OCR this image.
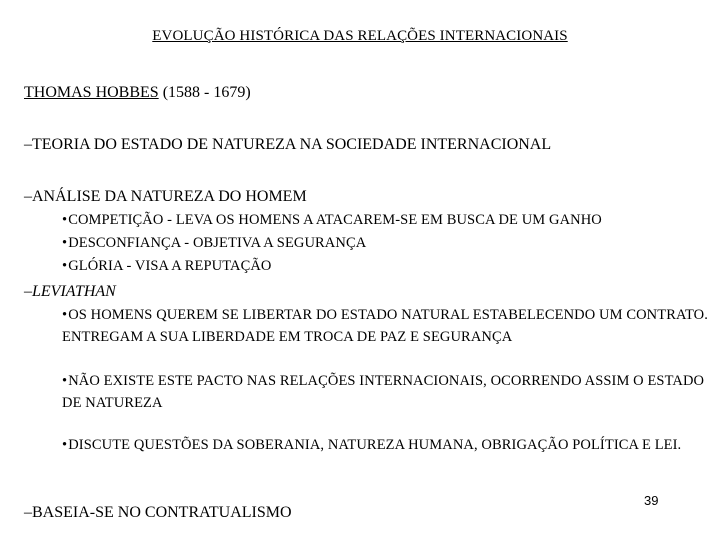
EVOLUÇÃO HISTÓRICA DAS RELAÇÕES INTERNACIONAIS
THOMAS HOBBES (1588 - 1679)
–TEORIA DO ESTADO DE NATUREZA NA SOCIEDADE INTERNACIONAL
–ANÁLISE DA NATUREZA DO HOMEM
•COMPETIÇÃO - LEVA OS HOMENS A ATACAREM-SE EM BUSCA DE UM GANHO
•DESCONFIANÇA - OBJETIVA A SEGURANÇA
•GLÓRIA - VISA A REPUTAÇÃO
–LEVIATHAN
•OS HOMENS QUEREM SE LIBERTAR DO ESTADO NATURAL ESTABELECENDO UM CONTRATO. ENTREGAM A SUA LIBERDADE EM TROCA DE PAZ E SEGURANÇA
•NÃO EXISTE ESTE PACTO NAS RELAÇÕES INTERNACIONAIS, OCORRENDO ASSIM O ESTADO DE NATUREZA
•DISCUTE QUESTÕES DA SOBERANIA, NATUREZA HUMANA, OBRIGAÇÃO POLÍTICA E LEI.
–BASEIA-SE NO CONTRATUALISMO
39
